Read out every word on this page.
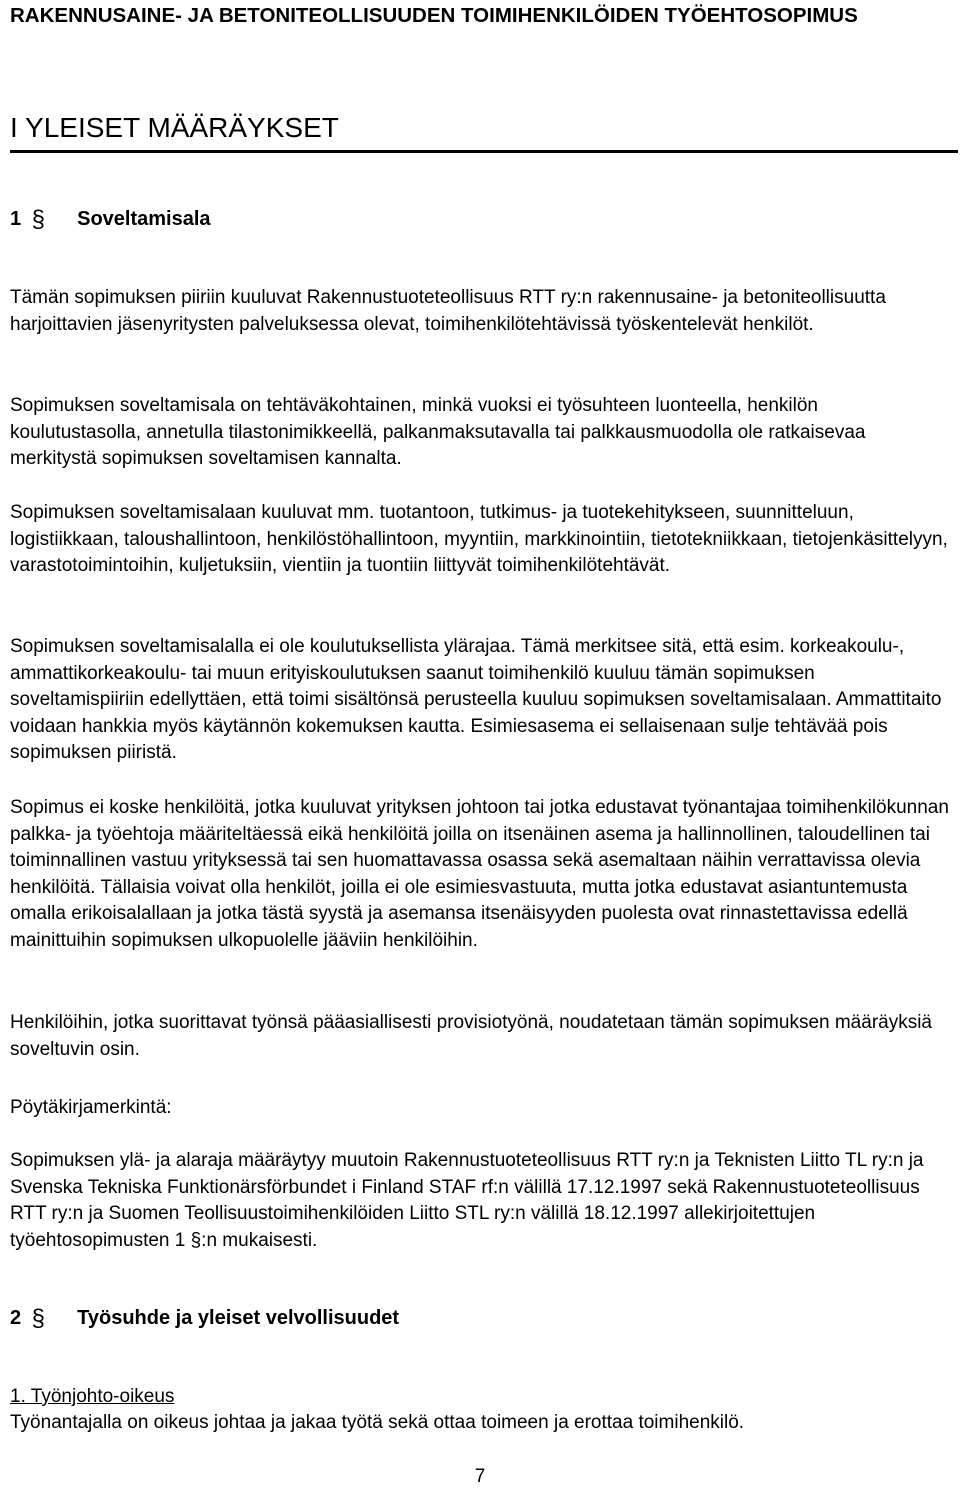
RAKENNUSAINE- JA BETONITEOLLISUUDEN TOIMIHENKILÖIDEN TYÖEHTOSOPIMUS
I YLEISET MÄÄRÄYKSET
1 § Soveltamisala

Tämän sopimuksen piiriin kuuluvat Rakennustuoteteollisuus RTT ry:n rakennusaine- ja betoniteollisuutta harjoittavien jäsenyritysten palveluksessa olevat, toimihenkilötehtävissä työskentelevät henkilöt.

Sopimuksen soveltamisala on tehtäväkohtainen, minkä vuoksi ei työsuhteen luonteella, henkilön koulutustasolla, annetulla tilastonimikkeellä, palkanmaksutavalla tai palkkausmuodolla ole ratkaisevaa merkitystä sopimuksen soveltamisen kannalta.

Sopimuksen soveltamisalaan kuuluvat mm. tuotantoon, tutkimus- ja tuotekehitykseen, suunnitteluun, logistiikkaan, taloushallintoon, henkilöstöhallintoon, myyntiin, markkinointiin, tietotekniikkaan, tietojenkäsittelyyn, varastotoimintoihin, kuljetuksiin, vientiin ja tuontiin liittyvät toimihenkilötehtävät.

Sopimuksen soveltamisalalla ei ole koulutuksellista ylärajaa. Tämä merkitsee sitä, että esim. korkeakoulu-, ammattikorkeakoulu- tai muun erityiskoulutuksen saanut toimihenkilö kuuluu tämän sopimuksen soveltamispiiriin edellyttäen, että toimi sisältönsä perusteella kuuluu sopimuksen soveltamisalaan. Ammattitaito voidaan hankkia myös käytännön kokemuksen kautta. Esimiesasema ei sellaisenaan sulje tehtävää pois sopimuksen piiristä.

Sopimus ei koske henkilöitä, jotka kuuluvat yrityksen johtoon tai jotka edustavat työnantajaa toimihenkilökunnan palkka- ja työehtoja määriteltäessä eikä henkilöitä joilla on itsenäinen asema ja hallinnollinen, taloudellinen tai toiminnallinen vastuu yrityksessä tai sen huomattavassa osassa sekä asemaltaan näihin verrattavissa olevia henkilöitä. Tällaisia voivat olla henkilöt, joilla ei ole esimiesvastuuta, mutta jotka edustavat asiantuntemusta omalla erikoisalallaan ja jotka tästä syystä ja asemansa itsenäisyyden puolesta ovat rinnastettavissa edellä mainittuihin sopimuksen ulkopuolelle jääviin henkilöihin.

Henkilöihin, jotka suorittavat työnsä pääasiallisesti provisiotyönä, noudatetaan tämän sopimuksen määräyksiä soveltuvin osin.

Pöytäkirjamerkintä:

Sopimuksen ylä- ja alaraja määräytyy muutoin Rakennustuoteteollisuus RTT ry:n ja Teknisten Liitto TL ry:n ja Svenska Tekniska Funktionärsförbundet i Finland STAF rf:n välillä 17.12.1997 sekä Rakennustuoteteollisuus RTT ry:n ja Suomen Teollisuustoimihenkilöiden Liitto STL ry:n välillä 18.12.1997 allekirjoitettujen työehtosopimusten 1 §:n mukaisesti.

2 § Työsuhde ja yleiset velvollisuudet
1. Työnjohto-oikeus
Työnantajalla on oikeus johtaa ja jakaa työtä sekä ottaa toimeen ja erottaa toimihenkilö.
7
